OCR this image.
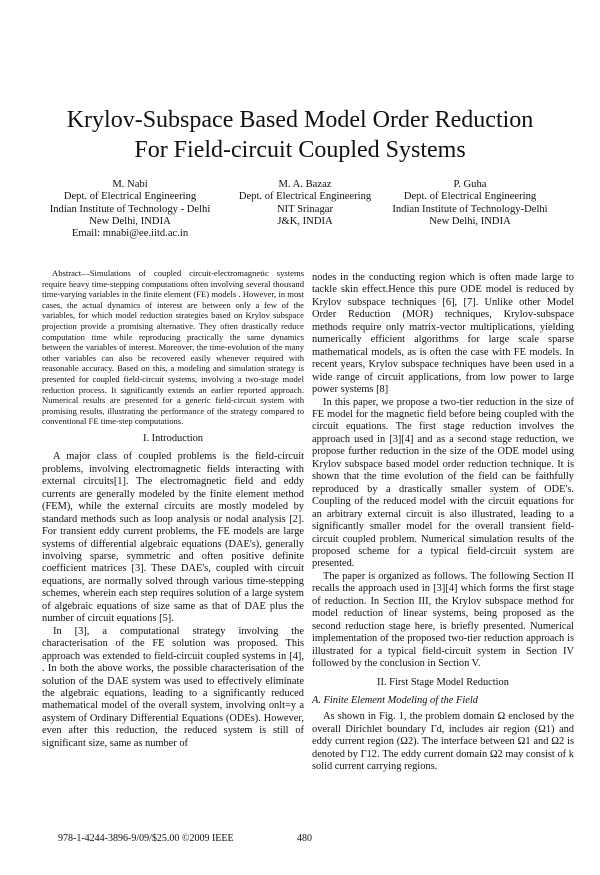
Krylov-Subspace Based Model Order Reduction
For Field-circuit Coupled Systems
M. Nabi
Dept. of Electrical Engineering
Indian Institute of Technology - Delhi
New Delhi, INDIA
Email: mnabi@ee.iitd.ac.in
M. A. Bazaz
Dept. of Electrical Engineering
NIT Srinagar
J&K, INDIA
P. Guha
Dept. of Electrical Engineering
Indian Institute of Technology-Delhi
New Delhi, INDIA

Abstract—Simulations of coupled circuit-electromagnetic systems require heavy time-stepping computations often involving several thousand time-varying variables in the finite element (FE) models . However, in most cases, the actual dynamics of interest are between only a few of the variables, for which model reduction strategies based on Krylov subspace projection provide a promising alternative. They often drastically reduce computation time while reproducing practically the same dynamics between the variables of interest. Moreover, the time-evolution of the many other variables can also be recovered easily whenever required with reasonable accuracy. Based on this, a modeling and simulation strategy is presented for coupled field-circuit systems, involving a two-stage model reduction process. It significantly extends an earlier reported approach. Numerical results are presented for a generic field-circuit system with promising results, illustrating the performance of the strategy compared to conventional FE time-step computations.

I. Introduction

A major class of coupled problems is the field-circuit problems, involving electromagnetic fields interacting with external circuits[1]. The electromagnetic field and eddy currents are generally modeled by the finite element method (FEM), while the external circuits are mostly modeled by standard methods such as loop analysis or nodal analysis [2]. For transient eddy current problems, the FE models are large systems of differential algebraic equations (DAE's), generally involving sparse, symmetric and often positive definite coefficient matrices [3]. These DAE's, coupled with circuit equations, are normally solved through various time-stepping schemes, wherein each step requires solution of a large system of algebraic equations of size same as that of DAE plus the number of circuit equations [5].

In [3], a computational strategy involving the characterisation of the FE solution was proposed. This approach was extended to field-circuit coupled systems in [4], . In both the above works, the possible characterisation of the solution of the DAE system was used to effectively eliminate the algebraic equations, leading to a significantly reduced mathematical model of the overall system, involving onlt=y a asystem of Ordinary Differential Equations (ODEs). However, even after this reduction, the reduced system is still of significant size, same as number of

nodes in the conducting region which is often made large to tackle skin effect.Hence this pure ODE model is reduced by Krylov subspace techniques [6], [7]. Unlike other Model Order Reduction (MOR) techniques, Krylov-subspace methods require only matrix-vector multiplications, yielding numerically efficient algorithms for large scale sparse mathematical models, as is often the case with FE models. In recent years, Krylov subspace techniques have been used in a wide range of circuit applications, from low power to large power systems [8]

In this paper, we propose a two-tier reduction in the size of FE model for the magnetic field before being coupled with the circuit equations. The first stage reduction involves the approach used in [3][4] and as a second stage reduction, we propose further reduction in the size of the ODE model using Krylov subspace based model order reduction technique. It is shown that the time evolution of the field can be faithfully reproduced by a drastically smaller system of ODE's. Coupling of the reduced model with the circuit equations for an arbitrary external circuit is also illustrated, leading to a significantly smaller model for the overall transient field-circuit coupled problem. Numerical simulation results of the proposed scheme for a typical field-circuit system are presented.

The paper is organized as follows. The following Section II recalls the approach used in [3][4] which forms the first stage of reduction. In Section III, the Krylov subspace method for model reduction of linear systems, being proposed as the second reduction stage here, is briefly presented. Numerical implementation of the proposed two-tier reduction approach is illustrated for a typical field-circuit system in Section IV followed by the conclusion in Section V.

II. First Stage Model Reduction
A. Finite Element Modeling of the Field

As shown in Fig. 1, the problem domain Ω enclosed by the overall Dirichlet boundary Γd, includes air region (Ω1) and eddy current region (Ω2). The interface between Ω1 and Ω2 is denoted by Γ12. The eddy current domain Ω2 may consist of k solid current carrying regions.

978-1-4244-3896-9/09/$25.00 ©2009 IEEE	480
